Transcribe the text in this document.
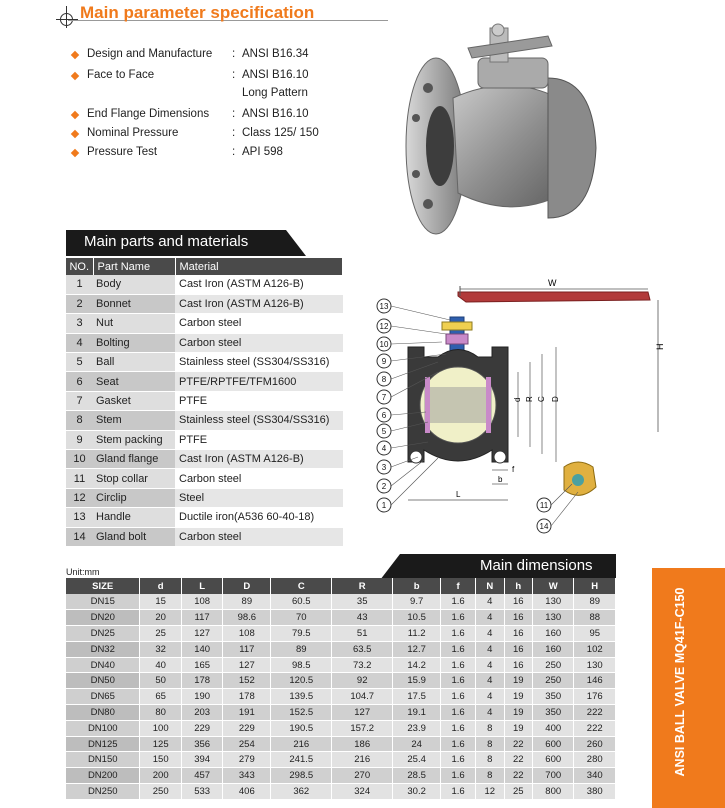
Main parameter specification
Design and Manufacture : ANSI B16.34
Face to Face	: ANSI B16.10
Long Pattern
End Flange Dimensions : ANSI B16.10
Nominal Pressure	: Class 125/ 150
Pressure Test	: API 598
Main parts and materials
NO.	Part Name	Material
1	Body	Cast Iron (ASTM A126-B)
2	Bonnet	Cast Iron (ASTM A126-B)
3	Nut	Carbon steel
4	Bolting	Carbon steel
5	Ball	Stainless steel (SS304/SS316)
6	Seat	PTFE/RPTFE/TFM1600
7	Gasket	PTFE
8	Stem	Stainless steel (SS304/SS316)
9	Stem packing	PTFE
10	Gland flange	Cast Iron (ASTM A126-B)
11	Stop collar	Carbon steel
12	Circlip	Steel
13	Handle	Ductile iron(A536 60-40-18)
14	Gland bolt	Carbon steel
W
H
d R C D
f
b
L
13
12
10
9
8
7
6
5
4
3
2
1	11
14
Main dimensions
Unit:mm
SIZE	d	L	D	C	R	b	f	N	h	W	H
DN15	15	108	89	60.5	35	9.7	1.6	4	16	130	89
DN20	20	117	98.6	70	43	10.5	1.6	4	16	130	88
DN25	25	127	108	79.5	51	11.2	1.6	4	16	160	95
DN32	32	140	117	89	63.5	12.7	1.6	4	16	160	102
DN40	40	165	127	98.5	73.2	14.2	1.6	4	16	250	130
DN50	50	178	152	120.5	92	15.9	1.6	4	19	250	146
DN65	65	190	178	139.5	104.7	17.5	1.6	4	19	350	176
DN80	80	203	191	152.5	127	19.1	1.6	4	19	350	222
DN100	100	229	229	190.5	157.2	23.9	1.6	8	19	400	222
DN125	125	356	254	216	186	24	1.6	8	22	600	260
DN150	150	394	279	241.5	216	25.4	1.6	8	22	600	280
DN200	200	457	343	298.5	270	28.5	1.6	8	22	700	340
DN250	250	533	406	362	324	30.2	1.6	12	25	800	380
ANSI BALL VALVE MQ41F-C150
